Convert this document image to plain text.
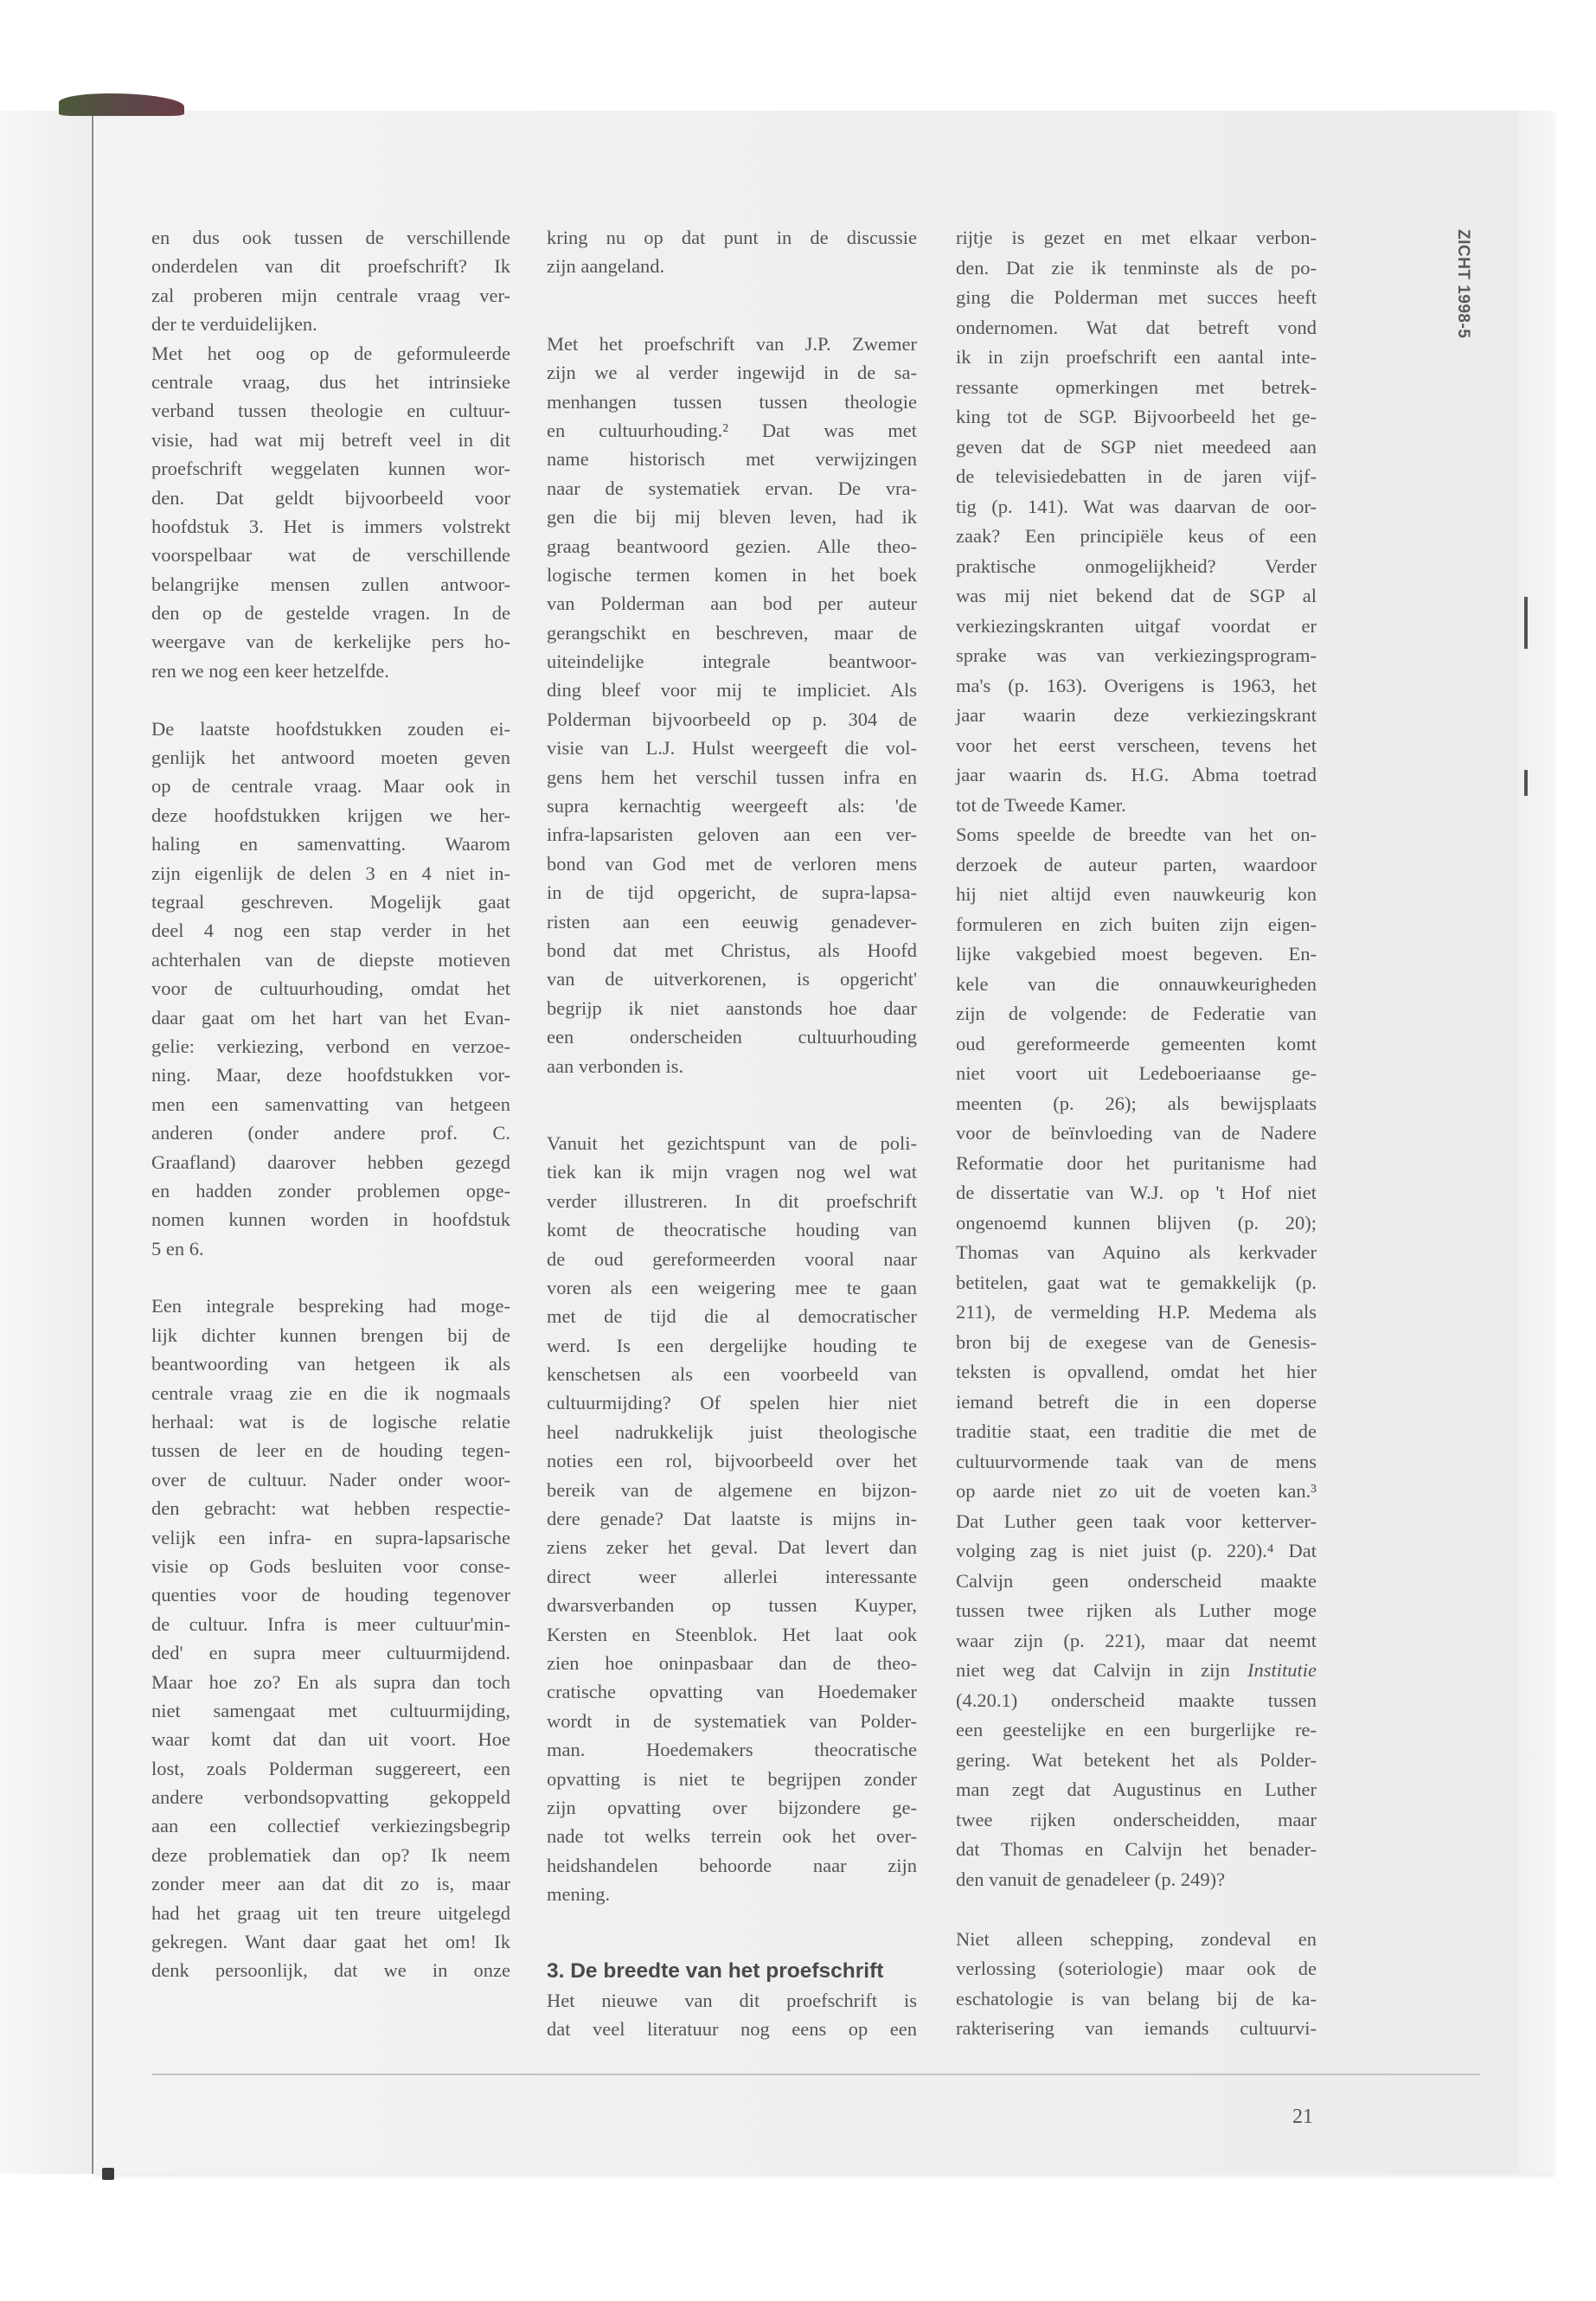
ZICHT 1998-5
en dus ook tussen de verschillende
onderdelen van dit proefschrift? Ik
zal proberen mijn centrale vraag ver-
der te verduidelijken.
Met het oog op de geformuleerde
centrale vraag, dus het intrinsieke
verband tussen theologie en cultuur-
visie, had wat mij betreft veel in dit
proefschrift weggelaten kunnen wor-
den. Dat geldt bijvoorbeeld voor
hoofdstuk 3. Het is immers volstrekt
voorspelbaar wat de verschillende
belangrijke mensen zullen antwoor-
den op de gestelde vragen. In de
weergave van de kerkelijke pers ho-
ren we nog een keer hetzelfde.
De laatste hoofdstukken zouden ei-
genlijk het antwoord moeten geven
op de centrale vraag. Maar ook in
deze hoofdstukken krijgen we her-
haling en samenvatting. Waarom
zijn eigenlijk de delen 3 en 4 niet in-
tegraal geschreven. Mogelijk gaat
deel 4 nog een stap verder in het
achterhalen van de diepste motieven
voor de cultuurhouding, omdat het
daar gaat om het hart van het Evan-
gelie: verkiezing, verbond en verzoe-
ning. Maar, deze hoofdstukken vor-
men een samenvatting van hetgeen
anderen (onder andere prof. C.
Graafland) daarover hebben gezegd
en hadden zonder problemen opge-
nomen kunnen worden in hoofdstuk
5 en 6.
Een integrale bespreking had moge-
lijk dichter kunnen brengen bij de
beantwoording van hetgeen ik als
centrale vraag zie en die ik nogmaals
herhaal: wat is de logische relatie
tussen de leer en de houding tegen-
over de cultuur. Nader onder woor-
den gebracht: wat hebben respectie-
velijk een infra- en supra-lapsarische
visie op Gods besluiten voor conse-
quenties voor de houding tegenover
de cultuur. Infra is meer cultuur'min-
ded' en supra meer cultuurmijdend.
Maar hoe zo? En als supra dan toch
niet samengaat met cultuurmijding,
waar komt dat dan uit voort. Hoe
lost, zoals Polderman suggereert, een
andere verbondsopvatting gekoppeld
aan een collectief verkiezingsbegrip
deze problematiek dan op? Ik neem
zonder meer aan dat dit zo is, maar
had het graag uit ten treure uitgelegd
gekregen. Want daar gaat het om! Ik
denk persoonlijk, dat we in onze
kring nu op dat punt in de discussie
zijn aangeland.
Met het proefschrift van J.P. Zwemer
zijn we al verder ingewijd in de sa-
menhangen tussen tussen theologie
en cultuurhouding.² Dat was met
name historisch met verwijzingen
naar de systematiek ervan. De vra-
gen die bij mij bleven leven, had ik
graag beantwoord gezien. Alle theo-
logische termen komen in het boek
van Polderman aan bod per auteur
gerangschikt en beschreven, maar de
uiteindelijke integrale beantwoor-
ding bleef voor mij te impliciet. Als
Polderman bijvoorbeeld op p. 304 de
visie van L.J. Hulst weergeeft die vol-
gens hem het verschil tussen infra en
supra kernachtig weergeeft als: 'de
infra-lapsaristen geloven aan een ver-
bond van God met de verloren mens
in de tijd opgericht, de supra-lapsa-
risten aan een eeuwig genadever-
bond dat met Christus, als Hoofd
van de uitverkorenen, is opgericht'
begrijp ik niet aanstonds hoe daar
een onderscheiden cultuurhouding
aan verbonden is.
Vanuit het gezichtspunt van de poli-
tiek kan ik mijn vragen nog wel wat
verder illustreren. In dit proefschrift
komt de theocratische houding van
de oud gereformeerden vooral naar
voren als een weigering mee te gaan
met de tijd die al democratischer
werd. Is een dergelijke houding te
kenschetsen als een voorbeeld van
cultuurmijding? Of spelen hier niet
heel nadrukkelijk juist theologische
noties een rol, bijvoorbeeld over het
bereik van de algemene en bijzon-
dere genade? Dat laatste is mijns in-
ziens zeker het geval. Dat levert dan
direct weer allerlei interessante
dwarsverbanden op tussen Kuyper,
Kersten en Steenblok. Het laat ook
zien hoe oninpasbaar dan de theo-
cratische opvatting van Hoedemaker
wordt in de systematiek van Polder-
man. Hoedemakers theocratische
opvatting is niet te begrijpen zonder
zijn opvatting over bijzondere ge-
nade tot welks terrein ook het over-
heidshandelen behoorde naar zijn
mening.
3. De breedte van het proefschrift
Het nieuwe van dit proefschrift is
dat veel literatuur nog eens op een
rijtje is gezet en met elkaar verbon-
den. Dat zie ik tenminste als de po-
ging die Polderman met succes heeft
ondernomen. Wat dat betreft vond
ik in zijn proefschrift een aantal inte-
ressante opmerkingen met betrek-
king tot de SGP. Bijvoorbeeld het ge-
geven dat de SGP niet meedeed aan
de televisiedebatten in de jaren vijf-
tig (p. 141). Wat was daarvan de oor-
zaak? Een principiële keus of een
praktische onmogelijkheid? Verder
was mij niet bekend dat de SGP al
verkiezingskranten uitgaf voordat er
sprake was van verkiezingsprogram-
ma's (p. 163). Overigens is 1963, het
jaar waarin deze verkiezingskrant
voor het eerst verscheen, tevens het
jaar waarin ds. H.G. Abma toetrad
tot de Tweede Kamer.
Soms speelde de breedte van het on-
derzoek de auteur parten, waardoor
hij niet altijd even nauwkeurig kon
formuleren en zich buiten zijn eigen-
lijke vakgebied moest begeven. En-
kele van die onnauwkeurigheden
zijn de volgende: de Federatie van
oud gereformeerde gemeenten komt
niet voort uit Ledeboeriaanse ge-
meenten (p. 26); als bewijsplaats
voor de beïnvloeding van de Nadere
Reformatie door het puritanisme had
de dissertatie van W.J. op 't Hof niet
ongenoemd kunnen blijven (p. 20);
Thomas van Aquino als kerkvader
betitelen, gaat wat te gemakkelijk (p.
211), de vermelding H.P. Medema als
bron bij de exegese van de Genesis-
teksten is opvallend, omdat het hier
iemand betreft die in een doperse
traditie staat, een traditie die met de
cultuurvormende taak van de mens
op aarde niet zo uit de voeten kan.³
Dat Luther geen taak voor ketterver-
volging zag is niet juist (p. 220).⁴ Dat
Calvijn geen onderscheid maakte
tussen twee rijken als Luther moge
waar zijn (p. 221), maar dat neemt
niet weg dat Calvijn in zijn Institutie
(4.20.1) onderscheid maakte tussen
een geestelijke en een burgerlijke re-
gering. Wat betekent het als Polder-
man zegt dat Augustinus en Luther
twee rijken onderscheidden, maar
dat Thomas en Calvijn het benader-
den vanuit de genadeleer (p. 249)?
Niet alleen schepping, zondeval en
verlossing (soteriologie) maar ook de
eschatologie is van belang bij de ka-
rakterisering van iemands cultuurvi-
21
